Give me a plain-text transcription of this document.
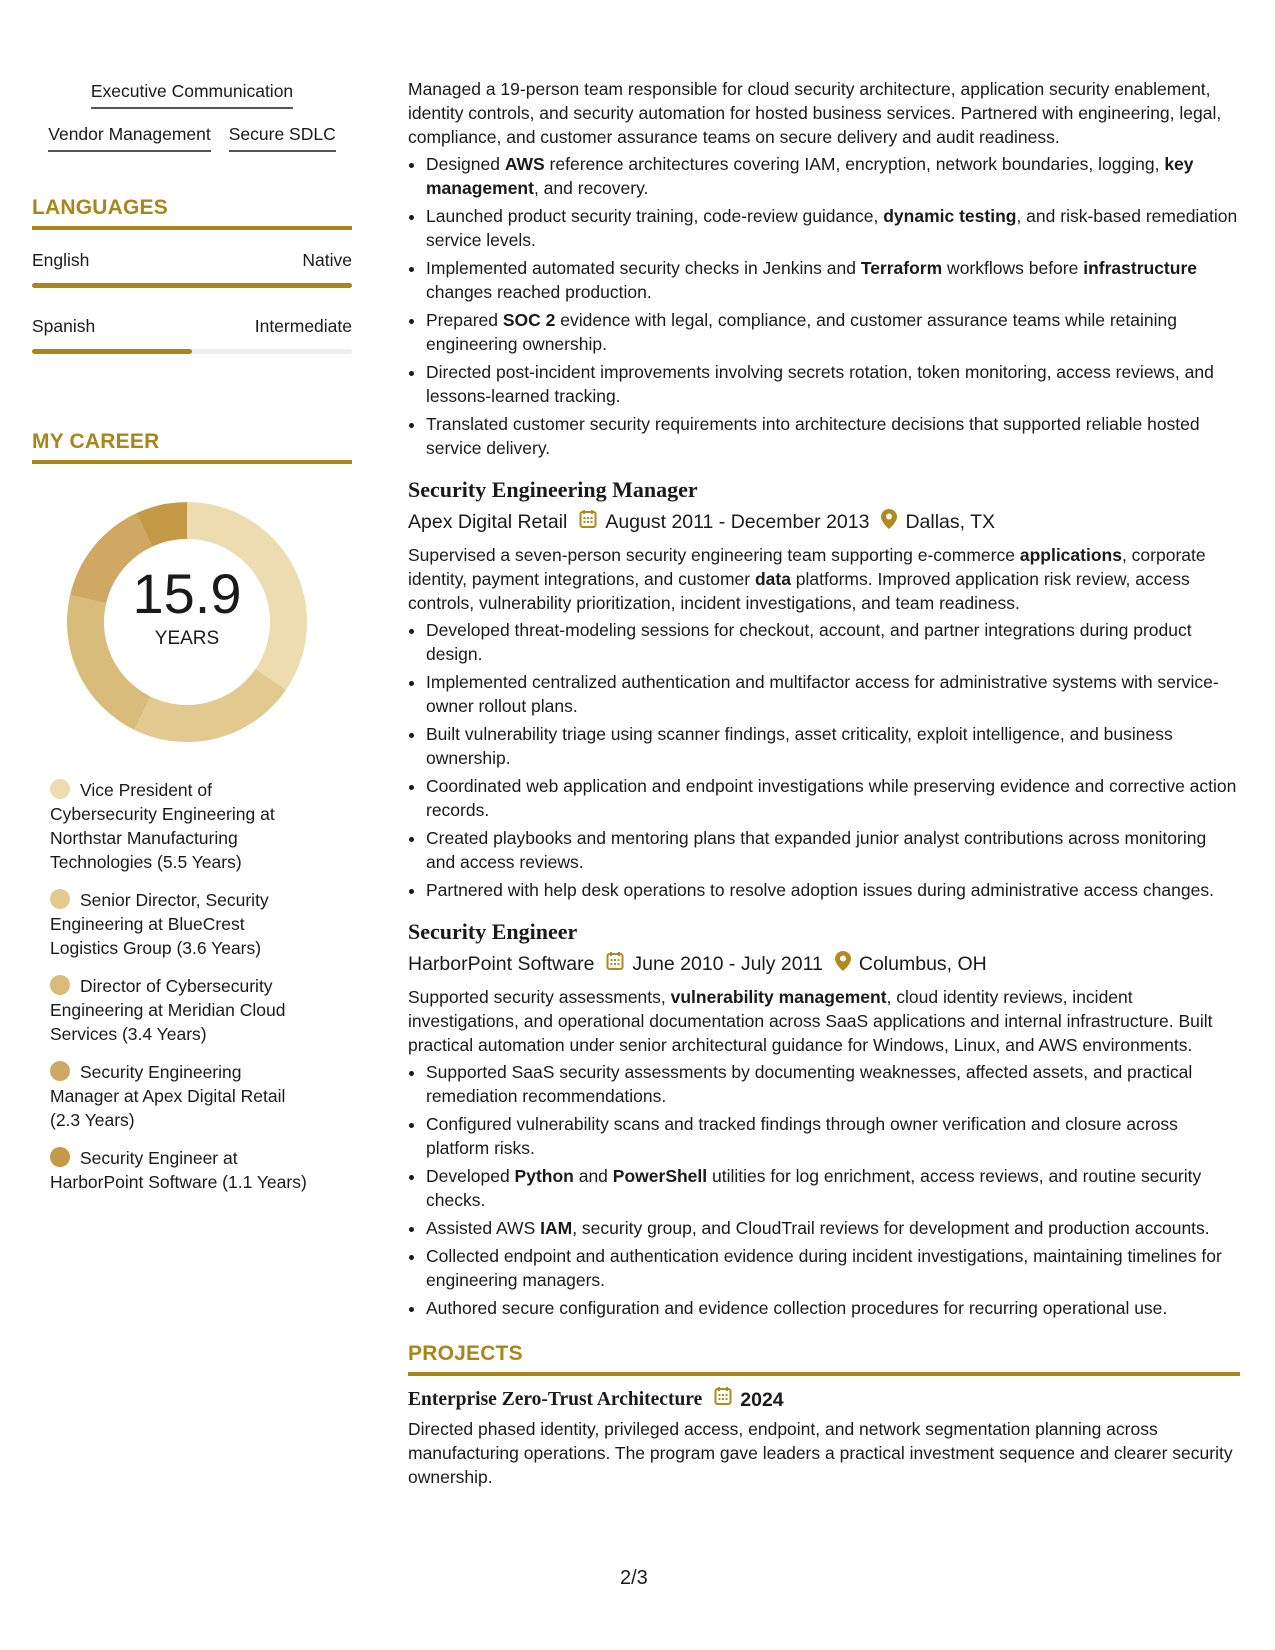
Executive Communication
Vendor Management Secure SDLC
LANGUAGES
English	Native
Spanish	Intermediate
MY CAREER
15.9
YEARS
Vice President of Cybersecurity Engineering at Northstar Manufacturing Technologies (5.5 Years)
Senior Director, Security Engineering at BlueCrest Logistics Group (3.6 Years)
Director of Cybersecurity Engineering at Meridian Cloud Services (3.4 Years)
Security Engineering Manager at Apex Digital Retail (2.3 Years)
Security Engineer at HarborPoint Software (1.1 Years)

Managed a 19-person team responsible for cloud security architecture, application security enablement, identity controls, and security automation for hosted business services. Partnered with engineering, legal, compliance, and customer assurance teams on secure delivery and audit readiness.

• Designed AWS reference architectures covering IAM, encryption, network boundaries, logging, key management, and recovery.
• Launched product security training, code-review guidance, dynamic testing, and risk-based remediation service levels.
• Implemented automated security checks in Jenkins and Terraform workflows before infrastructure changes reached production.
• Prepared SOC 2 evidence with legal, compliance, and customer assurance teams while retaining engineering ownership.
• Directed post-incident improvements involving secrets rotation, token monitoring, access reviews, and lessons-learned tracking.
• Translated customer security requirements into architecture decisions that supported reliable hosted service delivery.
Security Engineering Manager
Apex Digital Retail August 2011 - December 2013 Dallas, TX

Supervised a seven-person security engineering team supporting e-commerce applications, corporate identity, payment integrations, and customer data platforms. Improved application risk review, access controls, vulnerability prioritization, incident investigations, and team readiness.

• Developed threat-modeling sessions for checkout, account, and partner integrations during product design.
• Implemented centralized authentication and multifactor access for administrative systems with service-owner rollout plans.
• Built vulnerability triage using scanner findings, asset criticality, exploit intelligence, and business ownership.
• Coordinated web application and endpoint investigations while preserving evidence and corrective action records.
• Created playbooks and mentoring plans that expanded junior analyst contributions across monitoring and access reviews.
• Partnered with help desk operations to resolve adoption issues during administrative access changes.
Security Engineer
HarborPoint Software June 2010 - July 2011 Columbus, OH

Supported security assessments, vulnerability management, cloud identity reviews, incident investigations, and operational documentation across SaaS applications and internal infrastructure. Built practical automation under senior architectural guidance for Windows, Linux, and AWS environments.

• Supported SaaS security assessments by documenting weaknesses, affected assets, and practical remediation recommendations.
• Configured vulnerability scans and tracked findings through owner verification and closure across platform risks.
• Developed Python and PowerShell utilities for log enrichment, access reviews, and routine security checks.
• Assisted AWS IAM, security group, and CloudTrail reviews for development and production accounts.
• Collected endpoint and authentication evidence during incident investigations, maintaining timelines for engineering managers.
• Authored secure configuration and evidence collection procedures for recurring operational use.
PROJECTS
Enterprise Zero-Trust Architecture 2024

Directed phased identity, privileged access, endpoint, and network segmentation planning across manufacturing operations. The program gave leaders a practical investment sequence and clearer security ownership.

2/3
